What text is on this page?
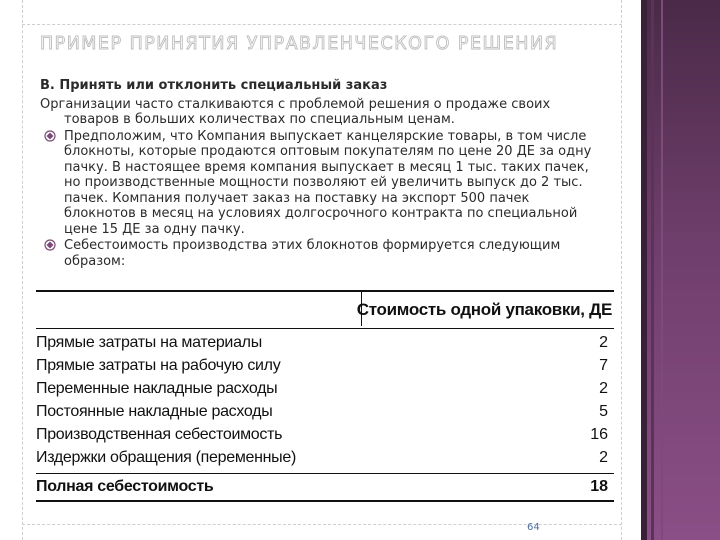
ПРИМЕР ПРИНЯТИЯ УПРАВЛЕНЧЕСКОГО РЕШЕНИЯ

В. Принять или отклонить специальный заказ

Организации часто сталкиваются с проблемой решения о продаже своих товаров в больших количествах по специальным ценам.

Предположим, что Компания выпускает канцелярские товары, в том числе блокноты, которые продаются оптовым покупателям по цене 20 ДЕ за одну пачку. В настоящее время компания выпускает в месяц 1 тыс. таких пачек, но производственные мощности позволяют ей увеличить выпуск до 2 тыс. пачек. Компания получает заказ на поставку на экспорт 500 пачек блокнотов в месяц на условиях долгосрочного контракта по специальной цене 15 ДЕ за одну пачку.
Себестоимость производства этих блокнотов формируется следующим образом:
Стоимость одной упаковки, ДЕ
Прямые затраты на материалы	2
Прямые затраты на рабочую силу	7
Переменные накладные расходы	2
Постоянные накладные расходы	5
Производственная себестоимость	16
Издержки обращения (переменные)	2
Полная себестоимость	18
64
